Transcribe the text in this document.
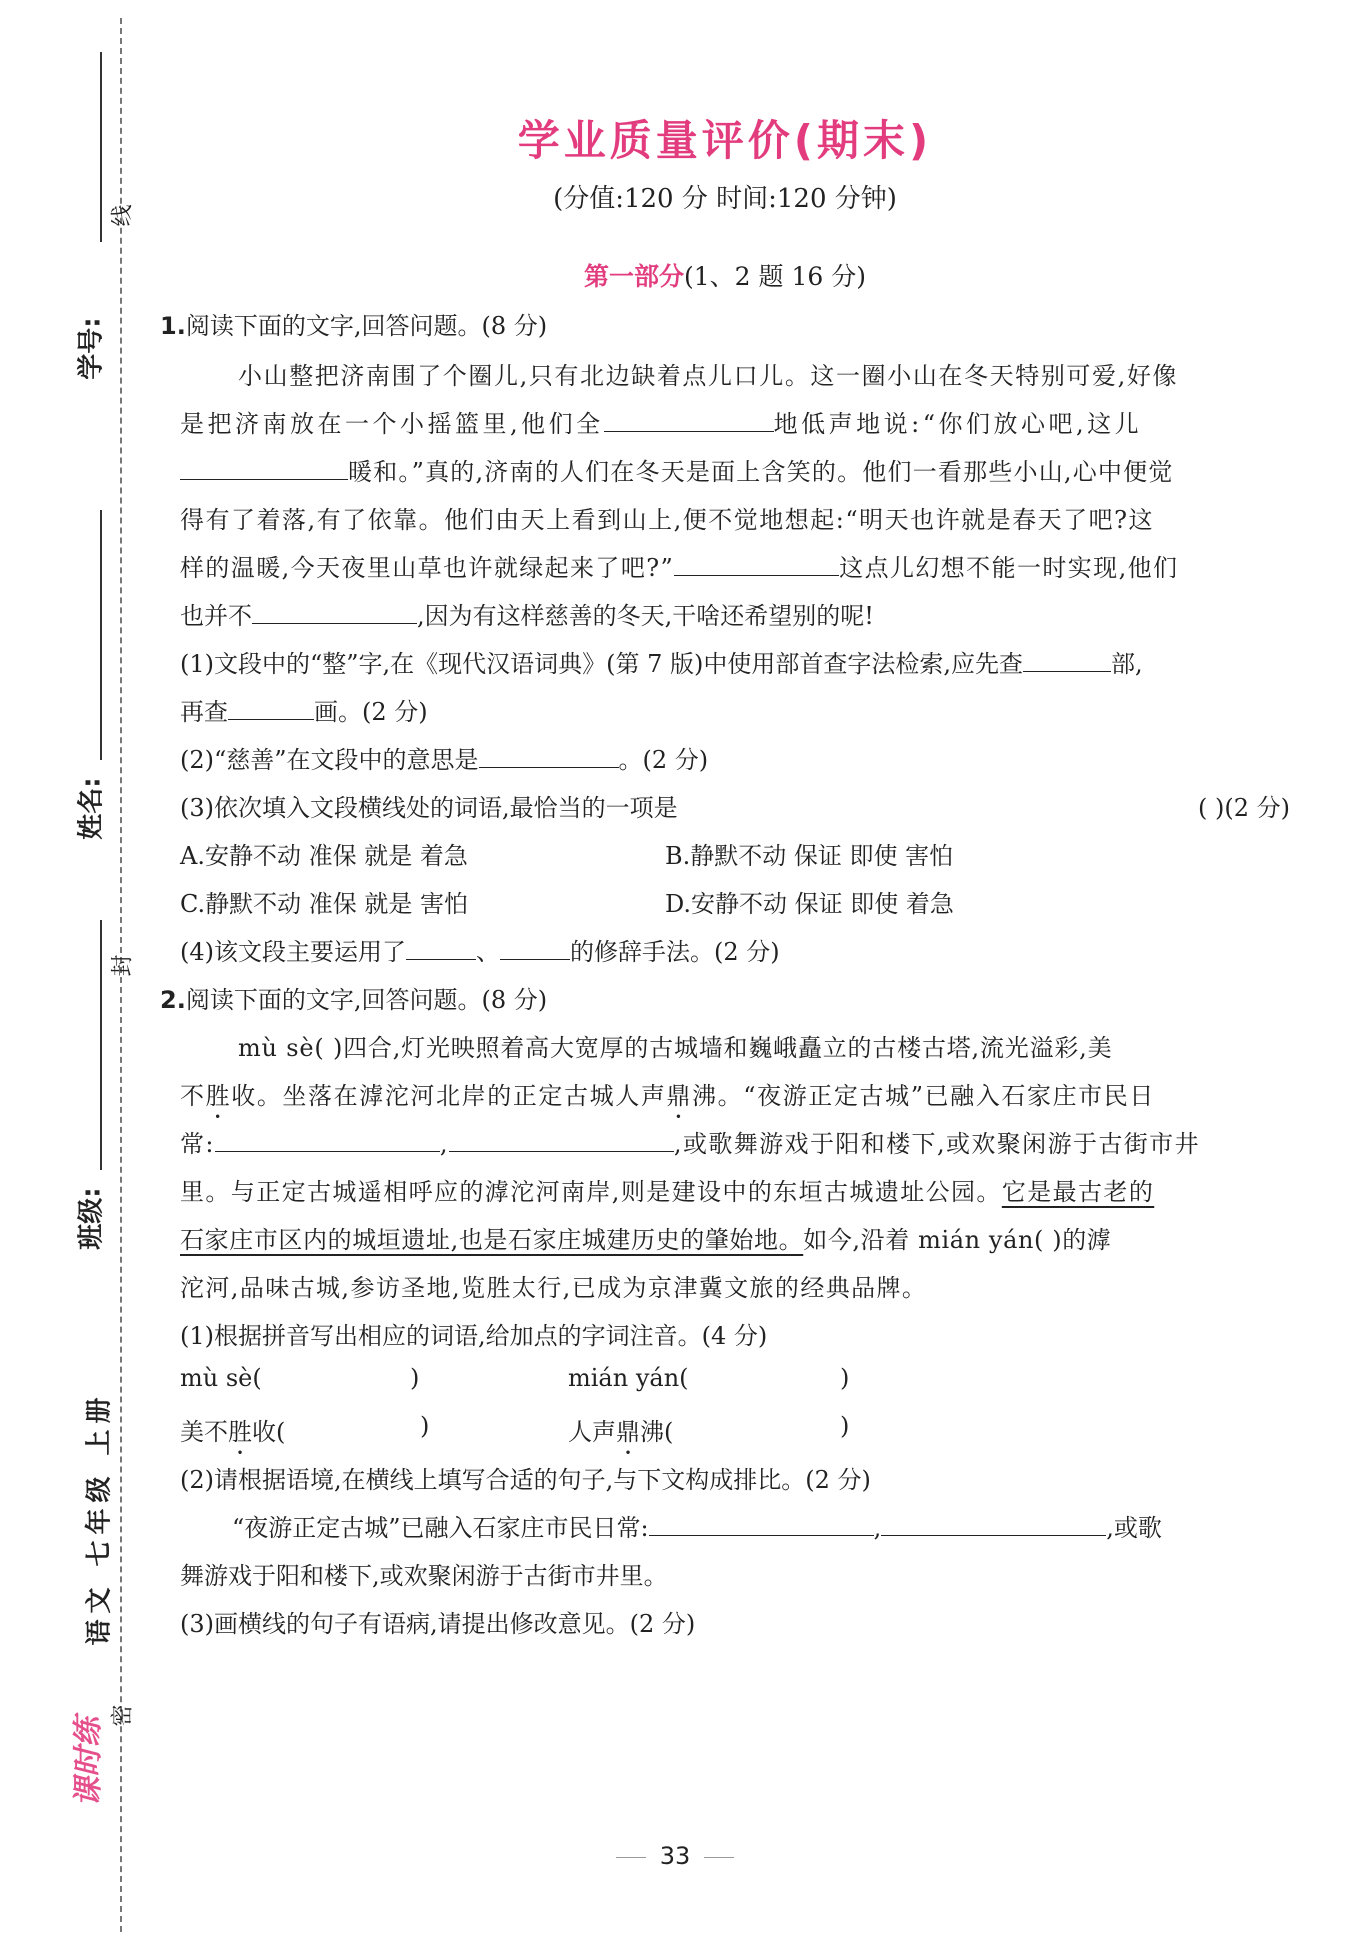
学号:
姓名:
班级:
线
封
密
语文 七年级 上册
课时练
学业质量评价(期末)
(分值:120 分 时间:120 分钟)
第一部分(1、2 题 16 分)
1.阅读下面的文字,回答问题。(8 分)
小山整把济南围了个圈儿,只有北边缺着点儿口儿。这一圈小山在冬天特别可爱,好像
是把济南放在一个小摇篮里,他们全	地低声地说:“你们放心吧,这儿
暖和。”真的,济南的人们在冬天是面上含笑的。他们一看那些小山,心中便觉
得有了着落,有了依靠。他们由天上看到山上,便不觉地想起:“明天也许就是春天了吧?这
样的温暖,今天夜里山草也许就绿起来了吧?”	这点儿幻想不能一时实现,他们
也并不	,因为有这样慈善的冬天,干啥还希望别的呢!
(1)文段中的“整”字,在《现代汉语词典》(第 7 版)中使用部首查字法检索,应先查	部,
再查	画。(2 分)
(2)“慈善”在文段中的意思是	。(2 分)
(3)依次填入文段横线处的词语,最恰当的一项是	( )(2 分)
A.安静不动 准保 就是 着急	B.静默不动 保证 即使 害怕
C.静默不动 准保 就是 害怕	D.安静不动 保证 即使 着急
(4)该文段主要运用了	、	的修辞手法。(2 分)
2.阅读下面的文字,回答问题。(8 分)
mù sè( )四合,灯光映照着高大宽厚的古城墙和巍峨矗立的古楼古塔,流光溢彩,美
不胜收。坐落在滹沱河北岸的正定古城人声鼎沸。“夜游正定古城”已融入石家庄市民日
常:	,	,或歌舞游戏于阳和楼下,或欢聚闲游于古街市井
里。与正定古城遥相呼应的滹沱河南岸,则是建设中的东垣古城遗址公园。它是最古老的
石家庄市区内的城垣遗址,也是石家庄城建历史的肇始地。如今,沿着 mián yán( )的滹
沱河,品味古城,参访圣地,览胜太行,已成为京津冀文旅的经典品牌。
(1)根据拼音写出相应的词语,给加点的字词注音。(4 分)
mù sè(	)	mián yán(	)
美不胜收(	)	人声鼎沸(	)
(2)请根据语境,在横线上填写合适的句子,与下文构成排比。(2 分)
“夜游正定古城”已融入石家庄市民日常:	,	,或歌
舞游戏于阳和楼下,或欢聚闲游于古街市井里。
(3)画横线的句子有语病,请提出修改意见。(2 分)
33
